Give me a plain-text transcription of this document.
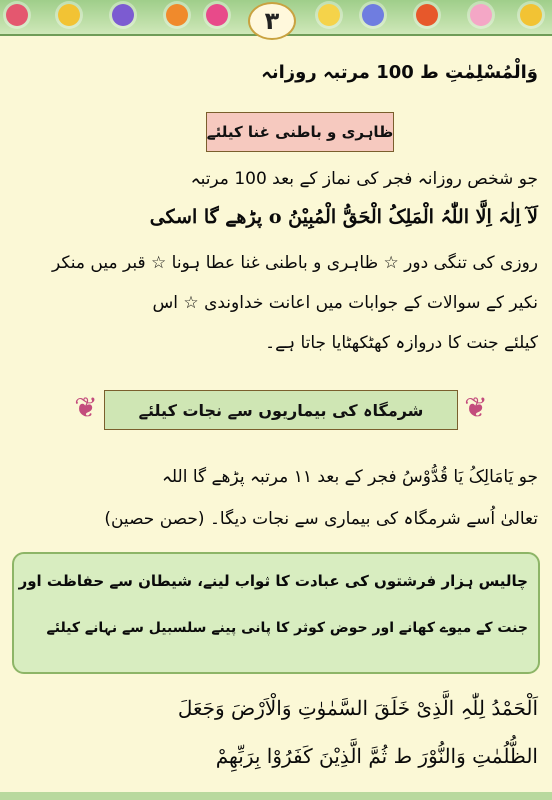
٣
وَالْمُسْلِمٰتِ ط 100 مرتبہ روزانہ
ظاہری و باطنی غنا کیلئے
جو شخص روزانہ فجر کی نماز کے بعد 100 مرتبہ
لَآ اِلٰہَ اِلَّا اللّٰہُ الْمَلِکُ الْحَقُّ الْمُبِیْنُ o پڑھے گا اسکی
روزی کی تنگی دور ☆ ظاہری و باطنی غنا عطا ہونا ☆ قبر میں منکر
نکیر کے سوالات کے جوابات میں اعانت خداوندی ☆ اس
کیلئے جنت کا دروازہ کھٹکھٹایا جاتا ہے۔
❦	شرمگاہ کی بیماریوں سے نجات کیلئے	❦
جو یَامَالِکُ یَا قُدُّوْسُ فجر کے بعد ١١ مرتبہ پڑھے گا اللہ
تعالیٰ اُسے شرمگاہ کی بیماری سے نجات دیگا۔ (حصن حصین)
چالیس ہزار فرشتوں کی عبادت کا ثواب لینے، شیطان سے حفاظت اور
جنت کے میوے کھانے اور حوض کوثر کا پانی پینے سلسبیل سے نہانے کیلئے
اَلْحَمْدُ لِلّٰہِ الَّذِیْ خَلَقَ السَّمٰوٰتِ وَالْاَرْضَ وَجَعَلَ
الظُّلُمٰتِ وَالنُّوْرَ ط ثُمَّ الَّذِیْنَ کَفَرُوْا بِرَبِّھِمْ
